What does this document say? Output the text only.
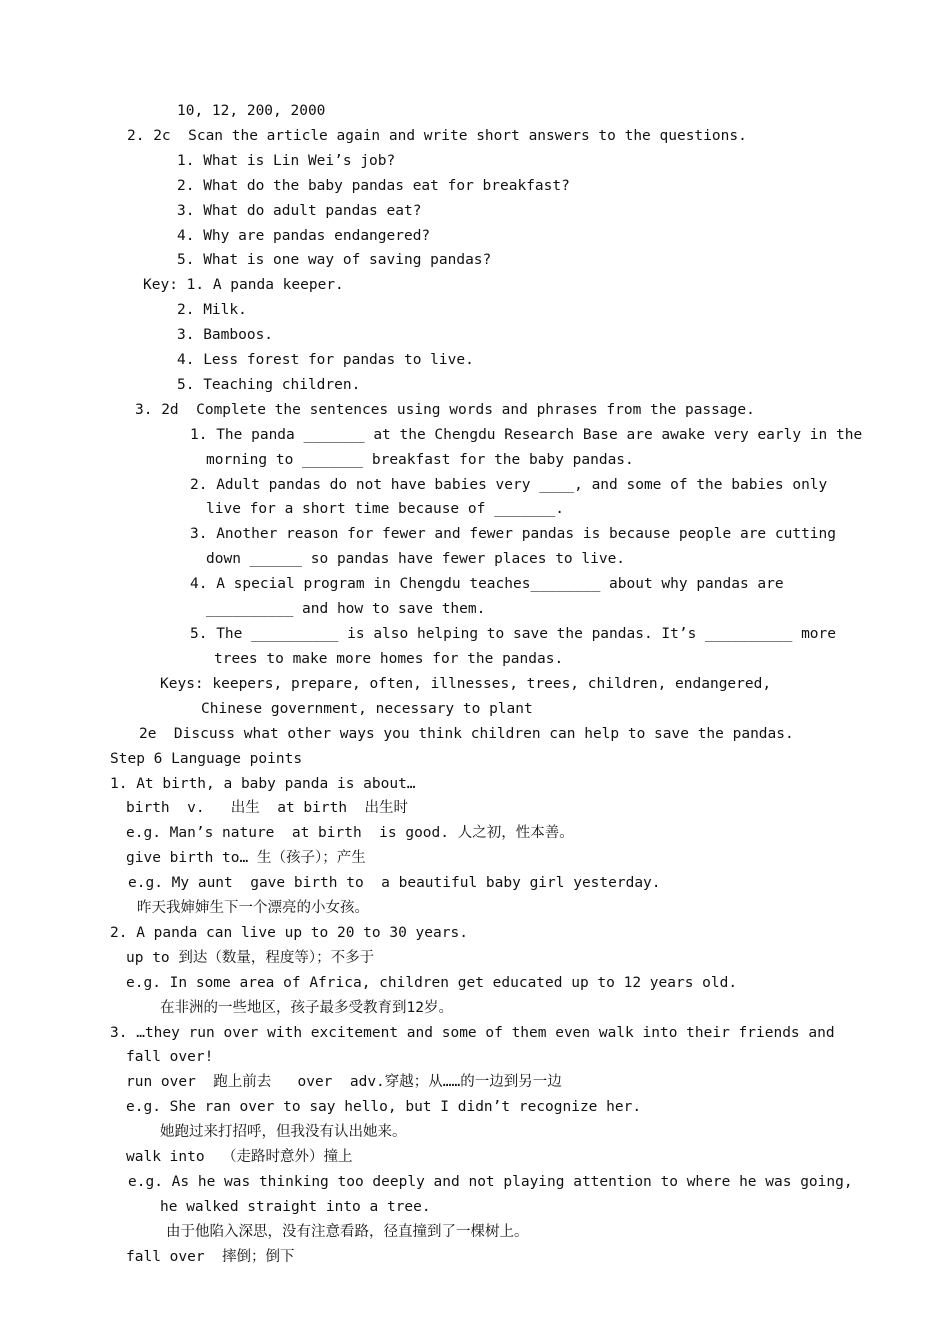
10, 12, 200, 2000
2. 2c  Scan the article again and write short answers to the questions.
1. What is Lin Wei’s job?
2. What do the baby pandas eat for breakfast?
3. What do adult pandas eat?
4. Why are pandas endangered?
5. What is one way of saving pandas?
Key: 1. A panda keeper.
2. Milk.
3. Bamboos.
4. Less forest for pandas to live.
5. Teaching children.
3. 2d  Complete the sentences using words and phrases from the passage.
1. The panda _______ at the Chengdu Research Base are awake very early in the
morning to _______ breakfast for the baby pandas.
2. Adult pandas do not have babies very ____, and some of the babies only
live for a short time because of _______.
3. Another reason for fewer and fewer pandas is because people are cutting
down ______ so pandas have fewer places to live.
4. A special program in Chengdu teaches________ about why pandas are
__________ and how to save them.
5. The __________ is also helping to save the pandas. It’s __________ more
trees to make more homes for the pandas.
Keys: keepers, prepare, often, illnesses, trees, children, endangered,
Chinese government, necessary to plant
2e  Discuss what other ways you think children can help to save the pandas.
Step 6 Language points
1. At birth, a baby panda is about…
birth  v.   出生  at birth  出生时
e.g. Man’s nature  at birth  is good. 人之初，性本善。
give birth to… 生（孩子）；产生
e.g. My aunt  gave birth to  a beautiful baby girl yesterday.
昨天我婶婶生下一个漂亮的小女孩。
2. A panda can live up to 20 to 30 years.
up to 到达（数量，程度等）；不多于
e.g. In some area of Africa, children get educated up to 12 years old.
在非洲的一些地区，孩子最多受教育到12岁。
3. …they run over with excitement and some of them even walk into their friends and
fall over!
run over  跑上前去   over  adv.穿越；从……的一边到另一边
e.g. She ran over to say hello, but I didn’t recognize her.
她跑过来打招呼，但我没有认出她来。
walk into  （走路时意外）撞上
e.g. As he was thinking too deeply and not playing attention to where he was going,
he walked straight into a tree.
由于他陷入深思，没有注意看路，径直撞到了一棵树上。
fall over  摔倒；倒下
